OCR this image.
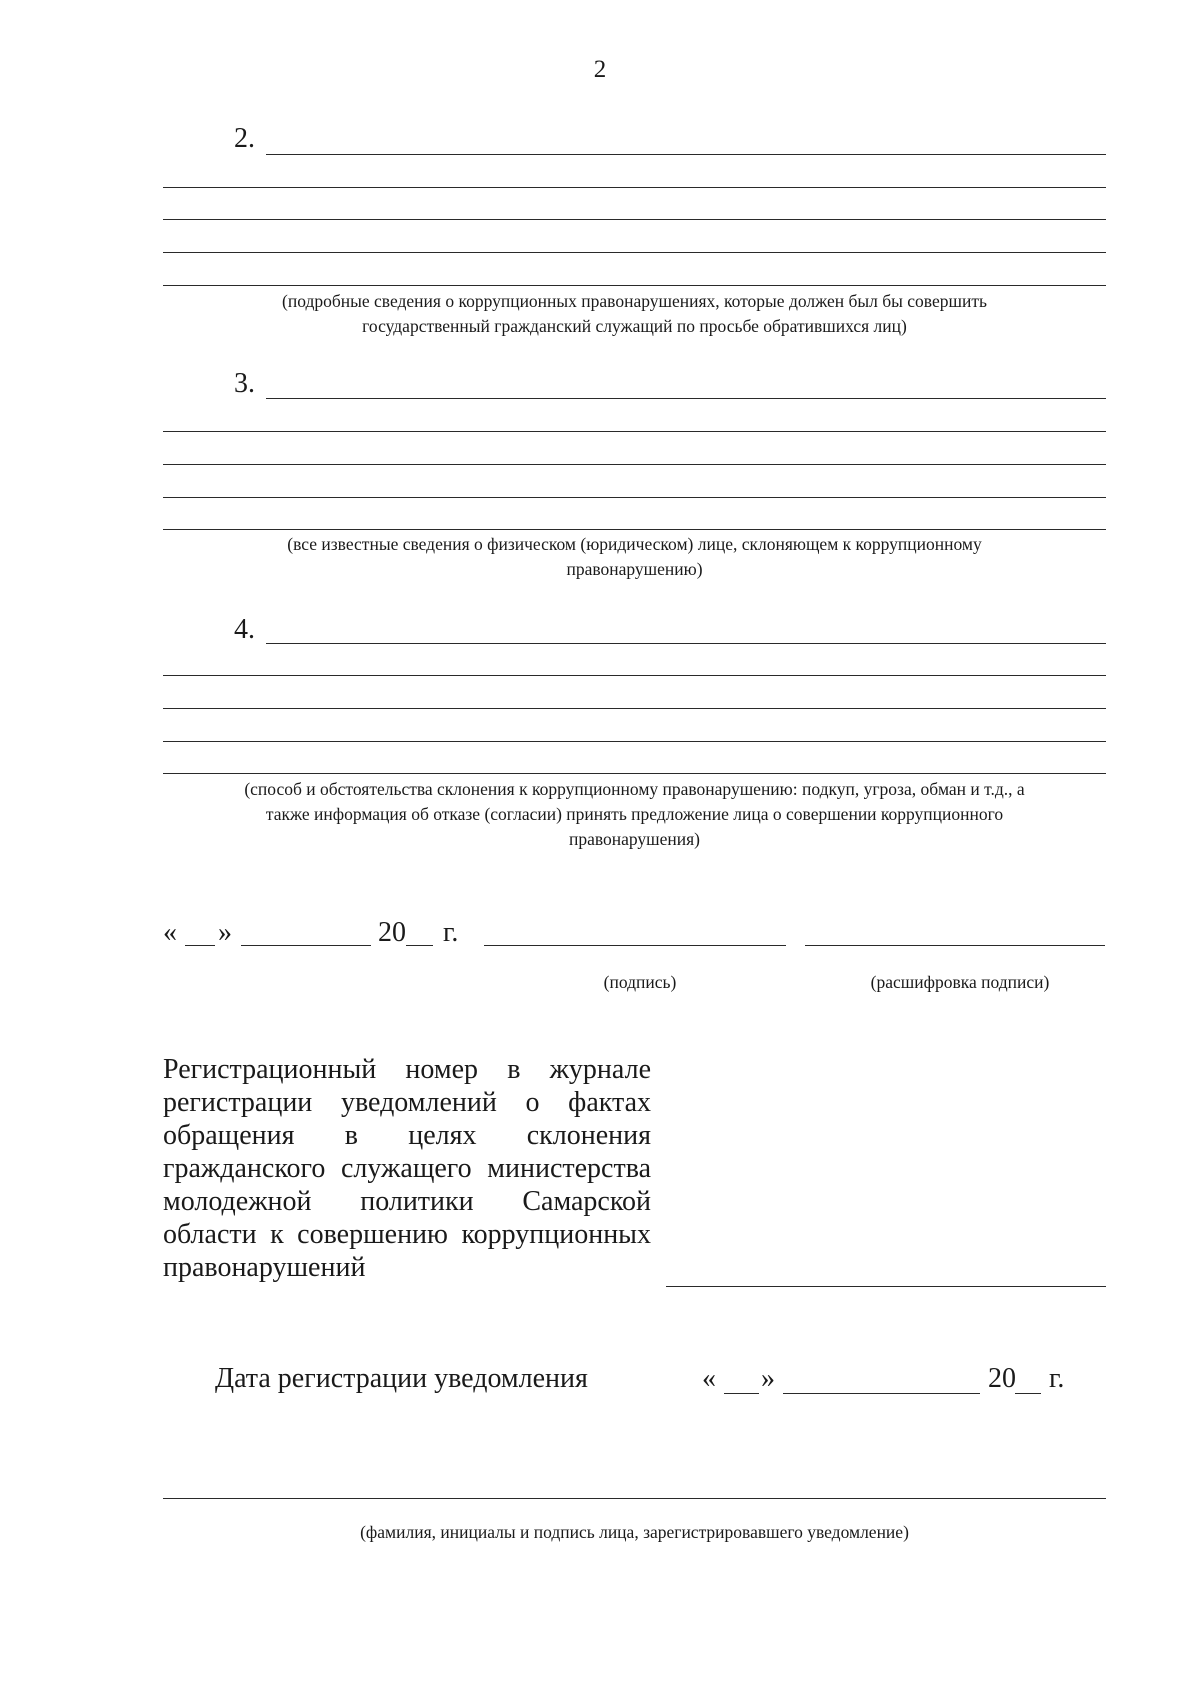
2
2.
(подробные сведения о коррупционных правонарушениях, которые должен был бы совершить
государственный гражданский служащий по просьбе обратившихся лиц)
3.
(все известные сведения о физическом (юридическом) лице, склоняющем к коррупционному
правонарушению)
4.
(способ и обстоятельства склонения к коррупционному правонарушению: подкуп, угроза, обман и т.д., а
также информация об отказе (согласии) принять предложение лица о совершении коррупционного
правонарушения)
« »	20 г.
(подпись)	(расшифровка подписи)
Регистрационный номер в журнале
регистрации уведомлений о фактах
обращения в целях склонения
гражданского служащего министерства
молодежной политики Самарской
области к совершению коррупционных
правонарушений
Дата регистрации уведомления	« »	20 г.
(фамилия, инициалы и подпись лица, зарегистрировавшего уведомление)
